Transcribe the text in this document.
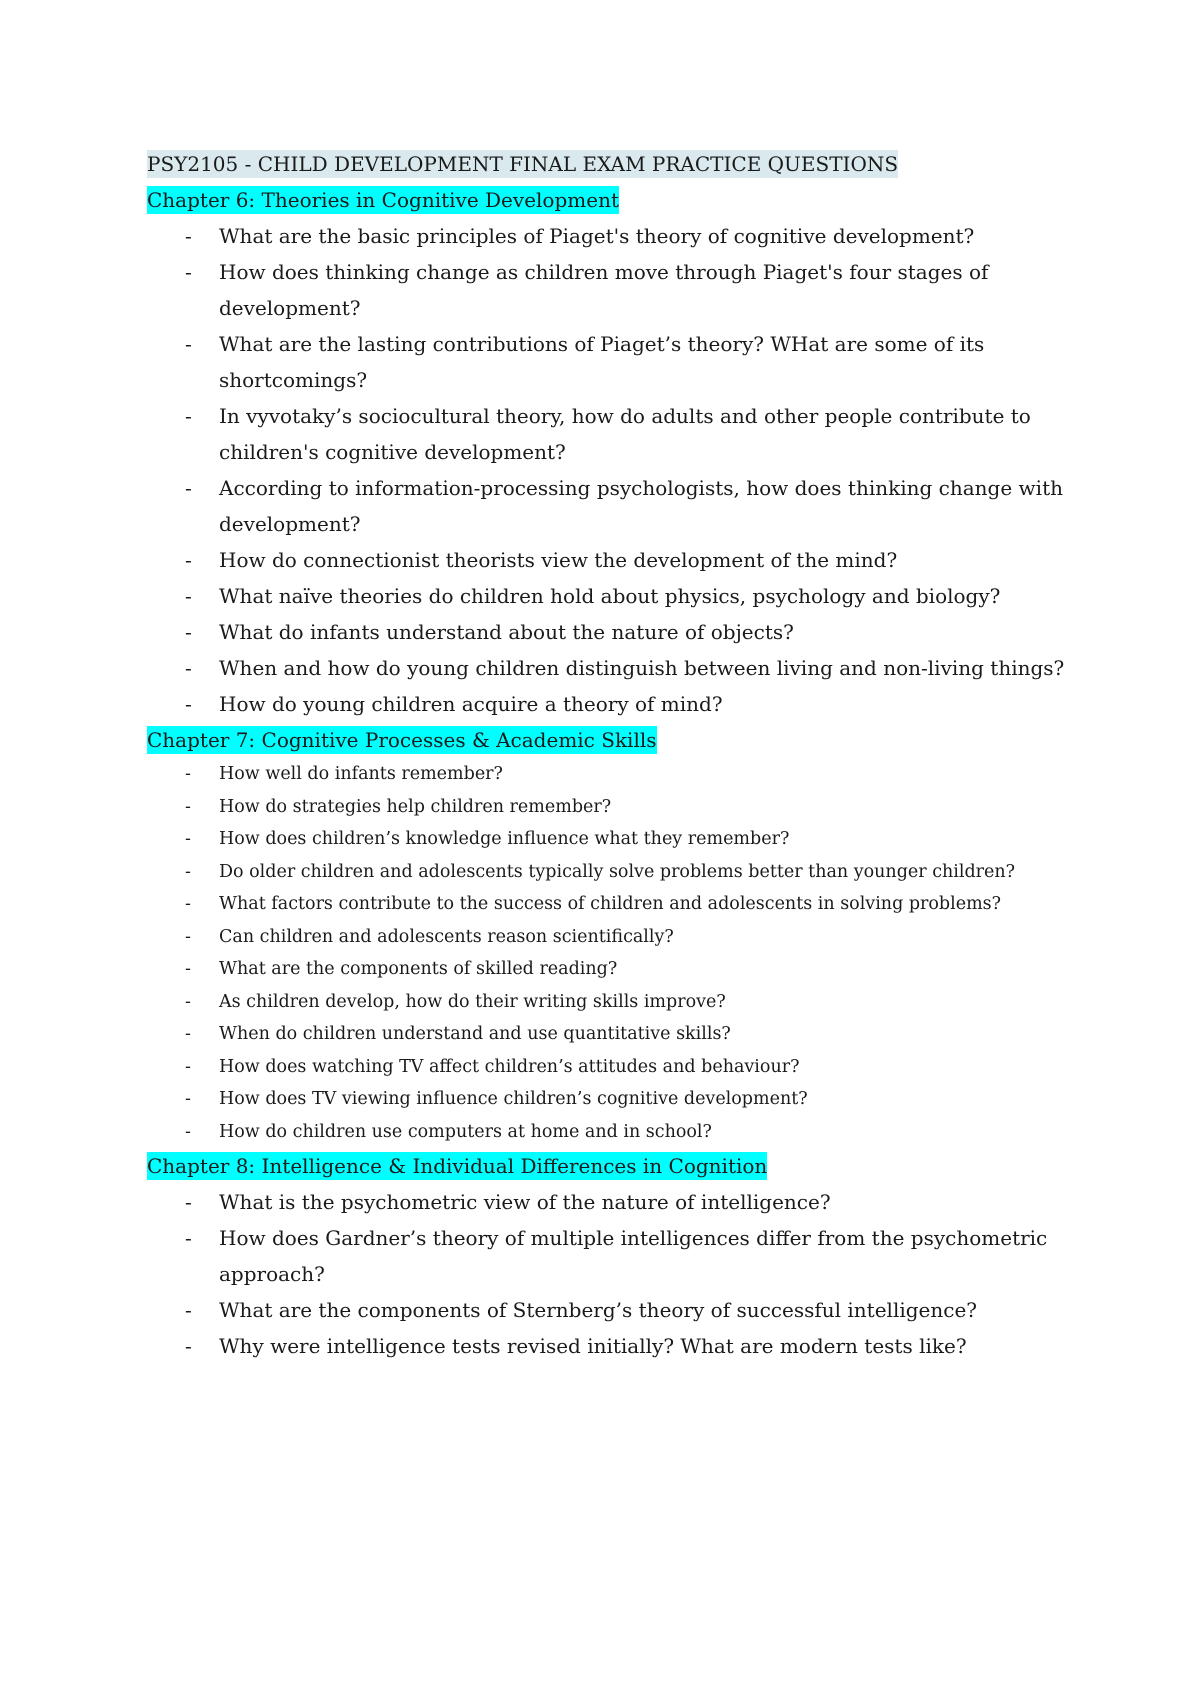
PSY2105 - CHILD DEVELOPMENT FINAL EXAM PRACTICE QUESTIONS
Chapter 6: Theories in Cognitive Development
- What are the basic principles of Piaget's theory of cognitive development?
- How does thinking change as children move through Piaget's four stages of development?
- What are the lasting contributions of Piaget’s theory? WHat are some of its shortcomings?
- In vyvotaky’s sociocultural theory, how do adults and other people contribute to children's cognitive development?
- According to information-processing psychologists, how does thinking change with development?
- How do connectionist theorists view the development of the mind?
- What naïve theories do children hold about physics, psychology and biology?
- What do infants understand about the nature of objects?
- When and how do young children distinguish between living and non-living things?
- How do young children acquire a theory of mind?
Chapter 7: Cognitive Processes & Academic Skills
- How well do infants remember?
- How do strategies help children remember?
- How does children’s knowledge influence what they remember?
- Do older children and adolescents typically solve problems better than younger children?
- What factors contribute to the success of children and adolescents in solving problems?
- Can children and adolescents reason scientifically?
- What are the components of skilled reading?
- As children develop, how do their writing skills improve?
- When do children understand and use quantitative skills?
- How does watching TV affect children’s attitudes and behaviour?
- How does TV viewing influence children’s cognitive development?
- How do children use computers at home and in school?
Chapter 8: Intelligence & Individual Differences in Cognition
- What is the psychometric view of the nature of intelligence?
- How does Gardner’s theory of multiple intelligences differ from the psychometric approach?
- What are the components of Sternberg’s theory of successful intelligence?
- Why were intelligence tests revised initially? What are modern tests like?
